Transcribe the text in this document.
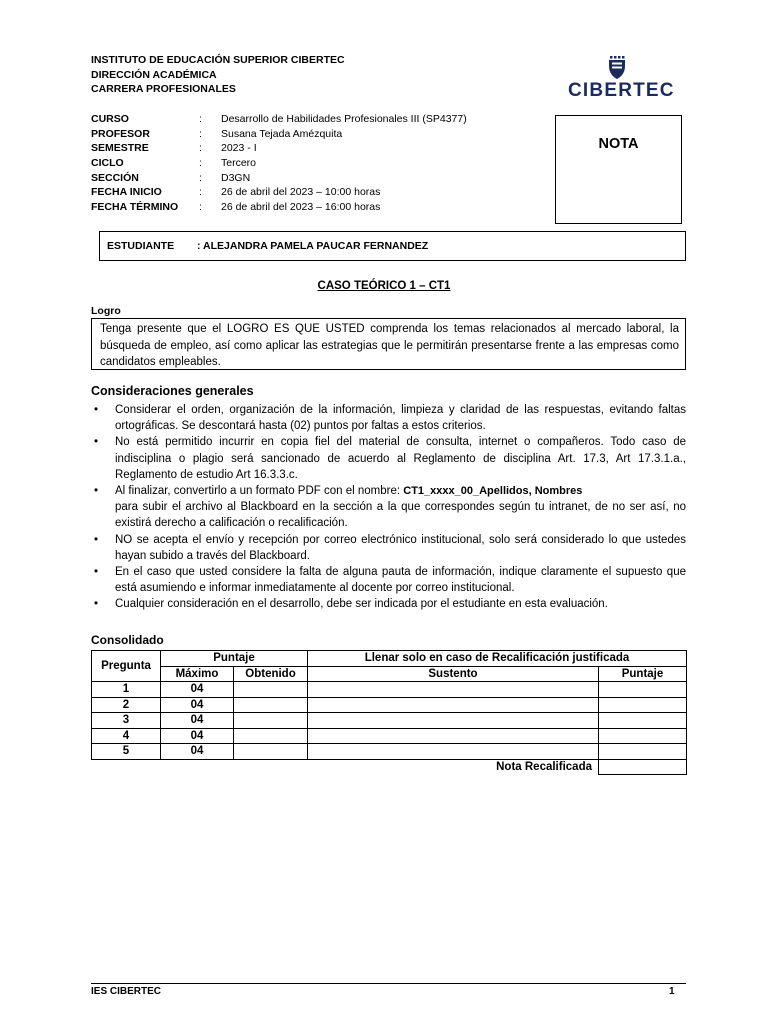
INSTITUTO DE EDUCACIÓN SUPERIOR CIBERTEC
DIRECCIÓN ACADÉMICA
CARRERA PROFESIONALES	CIBERTEC
CURSO	:	Desarrollo de Habilidades Profesionales III (SP4377)
PROFESOR	:	Susana Tejada Amézquita
SEMESTRE	:	2023 - I
CICLO	:	Tercero
SECCIÓN	:	D3GN
FECHA INICIO	:	26 de abril del 2023 – 10:00 horas
FECHA TÉRMINO	:	26 de abril del 2023 – 16:00 horas
NOTA
ESTUDIANTE : ALEJANDRA PAMELA PAUCAR FERNANDEZ
CASO TEÓRICO 1 – CT1
Logro
Tenga presente que el LOGRO ES QUE USTED comprenda los temas relacionados al mercado laboral, la búsqueda de empleo, así como aplicar las estrategias que le permitirán presentarse frente a las empresas como candidatos empleables.
Consideraciones generales
• Considerar el orden, organización de la información, limpieza y claridad de las respuestas, evitando faltas ortográficas. Se descontará hasta (02) puntos por faltas a estos criterios.
• No está permitido incurrir en copia fiel del material de consulta, internet o compañeros. Todo caso de indisciplina o plagio será sancionado de acuerdo al Reglamento de disciplina Art. 17.3, Art 17.3.1.a., Reglamento de estudio Art 16.3.3.c.
• Al finalizar, convertirlo a un formato PDF con el nombre: CT1_xxxx_00_Apellidos, Nombres
para subir el archivo al Blackboard en la sección a la que correspondes según tu intranet, de no ser así, no existirá derecho a calificación o recalificación.
• NO se acepta el envío y recepción por correo electrónico institucional, solo será considerado lo que ustedes hayan subido a través del Blackboard.
• En el caso que usted considere la falta de alguna pauta de información, indique claramente el supuesto que está asumiendo e informar inmediatamente al docente por correo institucional.
• Cualquier consideración en el desarrollo, debe ser indicada por el estudiante en esta evaluación.
Consolidado
Pregunta	Puntaje		Llenar solo en caso de Recalificación justificada	
	Máximo	Obtenido	Sustento	Puntaje
1	04			
2	04			
3	04			
4	04			
5	04			
			Nota Recalificada	
IES CIBERTEC	1
